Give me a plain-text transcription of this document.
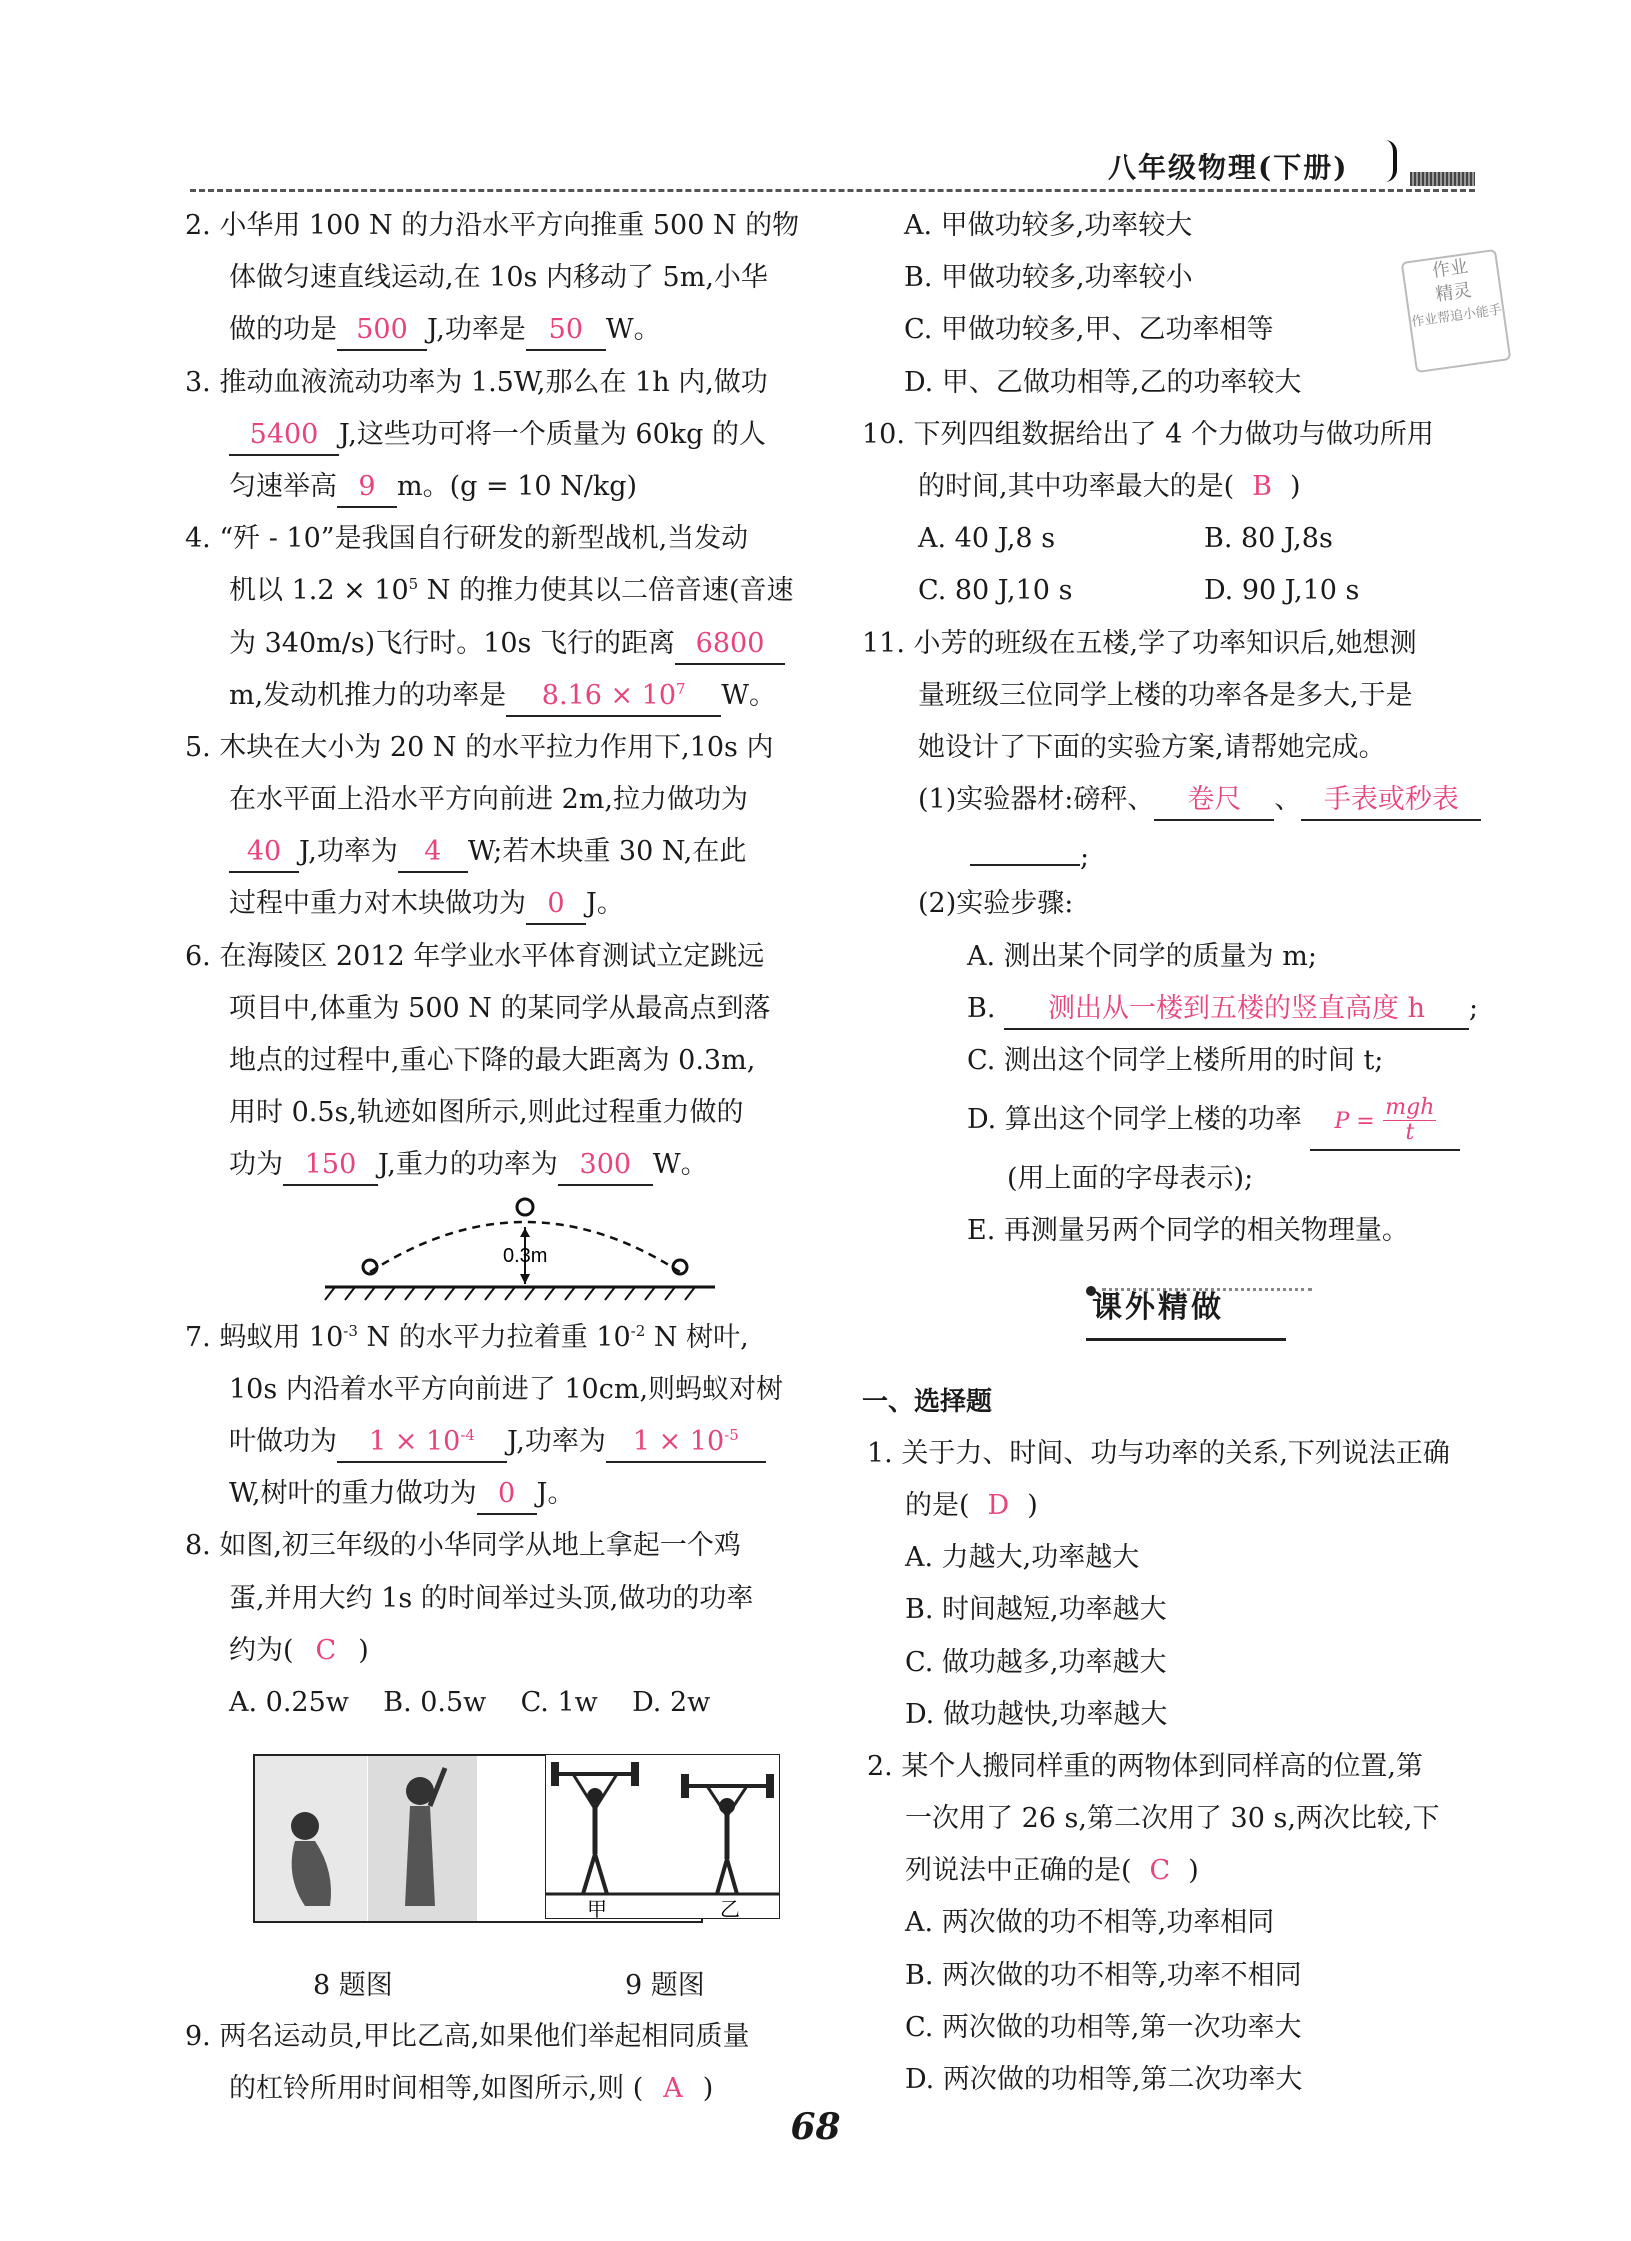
八年级物理(下册)
作业
精灵
作业帮追小能手
2. 小华用 100 N 的力沿水平方向推重 500 N 的物
体做匀速直线运动,在 10s 内移动了 5m,小华
做的功是 500 J,功率是 50 W。
3. 推动血液流动功率为 1.5W,那么在 1h 内,做功
5400 J,这些功可将一个质量为 60kg 的人
匀速举高 9 m。(g = 10 N/kg)
4. “歼 - 10”是我国自行研发的新型战机,当发动
机以 $1.2 \times 10^5$ N 的推力使其以二倍音速(音速
为 340m/s)飞行时。10s 飞行的距离 6800
m,发动机推力的功率是 $8.16 \times 10^7$ W。
5. 木块在大小为 20 N 的水平拉力作用下,10s 内
在水平面上沿水平方向前进 2m,拉力做功为
40 J,功率为 4 W;若木块重 30 N,在此
过程中重力对木块做功为 0 J。
6. 在海陵区 2012 年学业水平体育测试立定跳远
项目中,体重为 500 N 的某同学从最高点到落
地点的过程中,重心下降的最大距离为 0.3m,
用时 0.5s,轨迹如图所示,则此过程重力做的
功为 150 J,重力的功率为 300 W。
0.3m
7. 蚂蚁用 $10^{-3}$ N 的水平力拉着重 $10^{-2}$ N 树叶,
10s 内沿着水平方向前进了 10cm,则蚂蚁对树
叶做功为 $1 \times 10^{-4}$ J,功率为 $1 \times 10^{-5}$
W,树叶的重力做功为 0 J。
8. 如图,初三年级的小华同学从地上拿起一个鸡
蛋,并用大约 1s 的时间举过头顶,做功的功率
约为( C )
A. 0.25w    B. 0.5w    C. 1w    D. 2w
甲	乙
8 题图	9 题图
9. 两名运动员,甲比乙高,如果他们举起相同质量
的杠铃所用时间相等,如图所示,则 ( A )
A. 甲做功较多,功率较大
B. 甲做功较多,功率较小
C. 甲做功较多,甲、乙功率相等
D. 甲、乙做功相等,乙的功率较大
10. 下列四组数据给出了 4 个力做功与做功所用
的时间,其中功率最大的是( B )
A. 40 J,8 s	B. 80 J,8s
C. 80 J,10 s	D. 90 J,10 s
11. 小芳的班级在五楼,学了功率知识后,她想测
量班级三位同学上楼的功率各是多大,于是
她设计了下面的实验方案,请帮她完成。
(1)实验器材:磅秤、 卷尺 、 手表或秒表
;
(2)实验步骤:
A. 测出某个同学的质量为 m;
B. 测出从一楼到五楼的竖直高度 h ;
C. 测出这个同学上楼所用的时间 t;
D. 算出这个同学上楼的功率 $P = \frac{\text{mgh}}{t}$
(用上面的字母表示);
E. 再测量另两个同学的相关物理量。
课外精做
一、选择题
1. 关于力、时间、功与功率的关系,下列说法正确
的是( D )
A. 力越大,功率越大
B. 时间越短,功率越大
C. 做功越多,功率越大
D. 做功越快,功率越大
2. 某个人搬同样重的两物体到同样高的位置,第
一次用了 26 s,第二次用了 30 s,两次比较,下
列说法中正确的是( C )
A. 两次做的功不相等,功率相同
B. 两次做的功不相等,功率不相同
C. 两次做的功相等,第一次功率大
D. 两次做的功相等,第二次功率大
68
